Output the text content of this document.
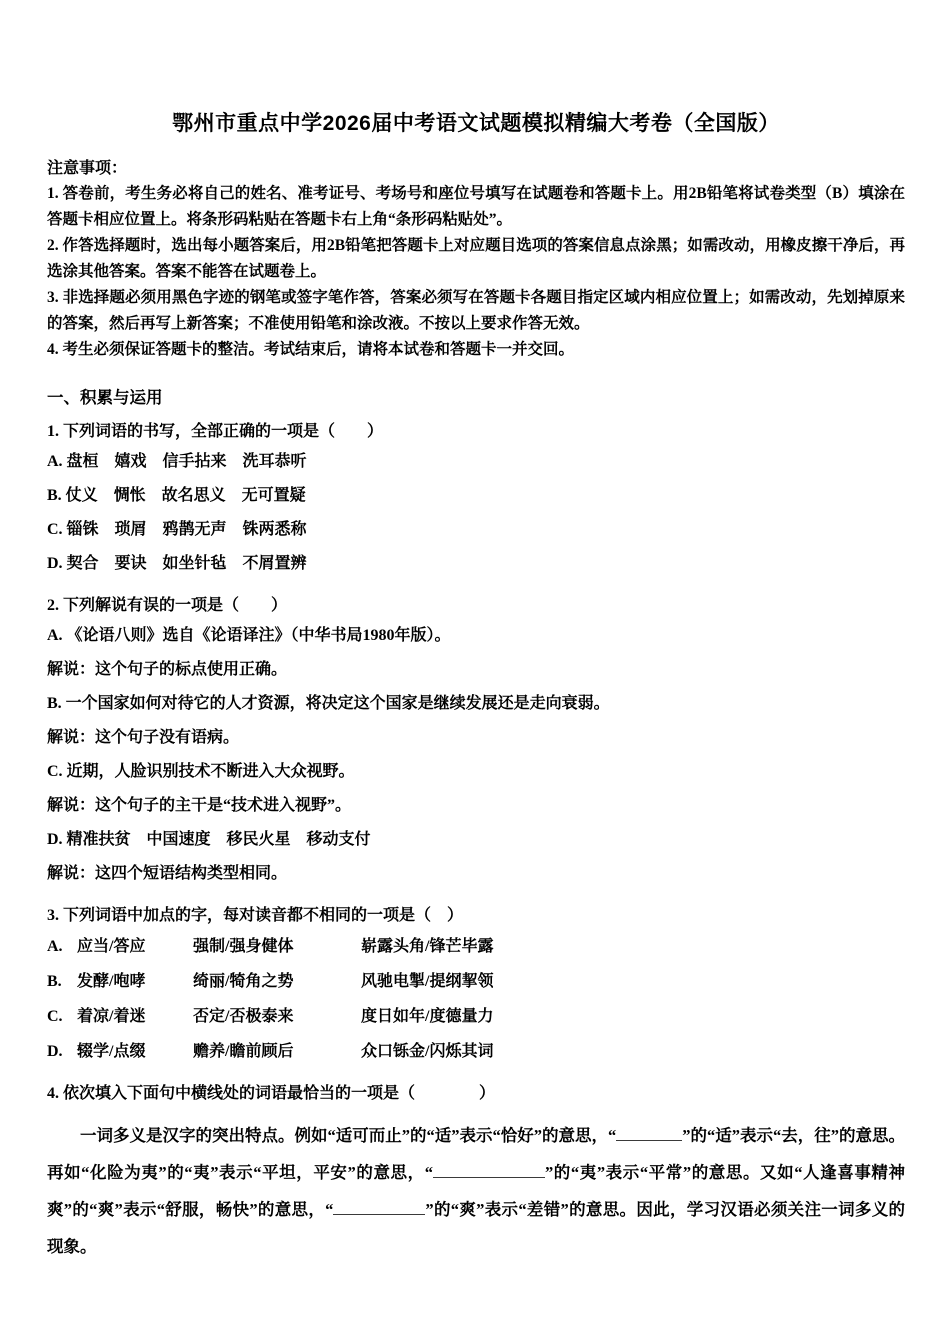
鄂州市重点中学2026届中考语文试题模拟精编大考卷（全国版）

注意事项：

1. 答卷前，考生务必将自己的姓名、准考证号、考场号和座位号填写在试题卷和答题卡上。用2B铅笔将试卷类型（B）填涂在答题卡相应位置上。将条形码粘贴在答题卡右上角“条形码粘贴处”。

2. 作答选择题时，选出每小题答案后，用2B铅笔把答题卡上对应题目选项的答案信息点涂黑；如需改动，用橡皮擦干净后，再选涂其他答案。答案不能答在试题卷上。

3. 非选择题必须用黑色字迹的钢笔或签字笔作答，答案必须写在答题卡各题目指定区域内相应位置上；如需改动，先划掉原来的答案，然后再写上新答案；不准使用铅笔和涂改液。不按以上要求作答无效。

4. 考生必须保证答题卡的整洁。考试结束后，请将本试卷和答题卡一并交回。

一、积累与运用

1. 下列词语的书写，全部正确的一项是（　　）

A. 盘桓　嬉戏　信手拈来　洗耳恭听

B. 仗义　惆怅　故名思义　无可置疑

C. 锱铢　琐屑　鸦鹊无声　铢两悉称

D. 契合　要诀　如坐针毡　不屑置辨

2. 下列解说有误的一项是（　　）

A. 《论语八则》选自《论语译注》（中华书局1980年版）。

解说：这个句子的标点使用正确。

B. 一个国家如何对待它的人才资源，将决定这个国家是继续发展还是走向衰弱。

解说：这个句子没有语病。

C. 近期，人脸识别技术不断进入大众视野。

解说：这个句子的主干是“技术进入视野”。

D. 精准扶贫　中国速度　移民火星　移动支付

解说：这四个短语结构类型相同。

3. 下列词语中加点的字，每对读音都不相同的一项是（　）

A. 应当/答应	强制/强身健体	崭露头角/锋芒毕露
B. 发酵/咆哮	绮丽/犄角之势	风驰电掣/提纲挈领
C. 着凉/着迷	否定/否极泰来	度日如年/度德量力
D. 辍学/点缀	赡养/瞻前顾后	众口铄金/闪烁其词

4. 依次填入下面句中横线处的词语最恰当的一项是（　　　　）

一词多义是汉字的突出特点。例如“适可而止”的“适”表示“恰好”的意思，“	”的“适”表示“去，往”的意思。再如“化险为夷”的“夷”表示“平坦，平安”的意思，“	”的“夷”表示“平常”的意思。又如“人逢喜事精神爽”的“爽”表示“舒服，畅快”的意思，“	”的“爽”表示“差错”的意思。因此，学习汉语必须关注一词多义的现象。
